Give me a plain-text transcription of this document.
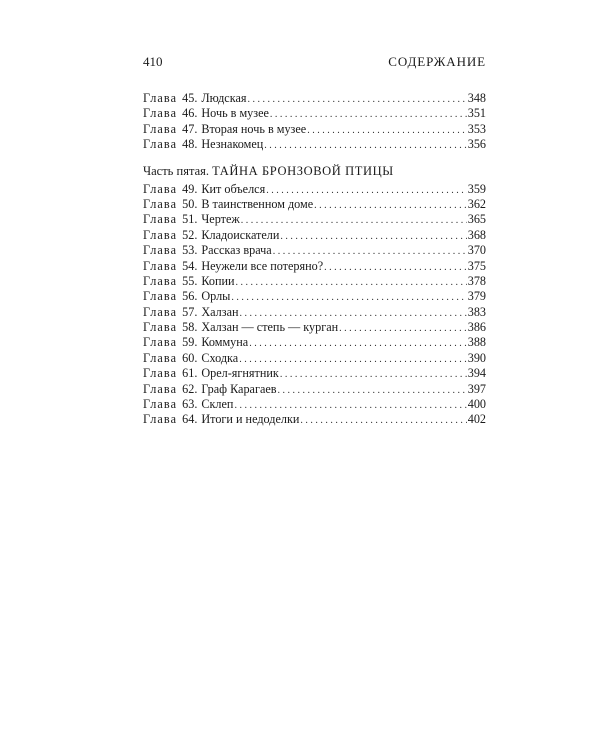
410	СОДЕРЖАНИЕ
Глава 45. Людская . . .	348
Глава 46. Ночь в музее . . .	351
Глава 47. Вторая ночь в музее . . .	353
Глава 48. Незнакомец . . .	356
Часть пятая. ТАЙНА БРОНЗОВОЙ ПТИЦЫ
Глава 49. Кит объелся . . .	359
Глава 50. В таинственном доме . . .	362
Глава 51. Чертеж . . .	365
Глава 52. Кладоискатели . . .	368
Глава 53. Рассказ врача . . .	370
Глава 54. Неужели все потеряно? . . .	375
Глава 55. Копии . . .	378
Глава 56. Орлы . . .	379
Глава 57. Халзан . . .	383
Глава 58. Халзан — степь — курган . . .	386
Глава 59. Коммуна . . .	388
Глава 60. Сходка . . .	390
Глава 61. Орел-ягнятник . . .	394
Глава 62. Граф Карагаев . . .	397
Глава 63. Склеп . . .	400
Глава 64. Итоги и недоделки . . .	402
